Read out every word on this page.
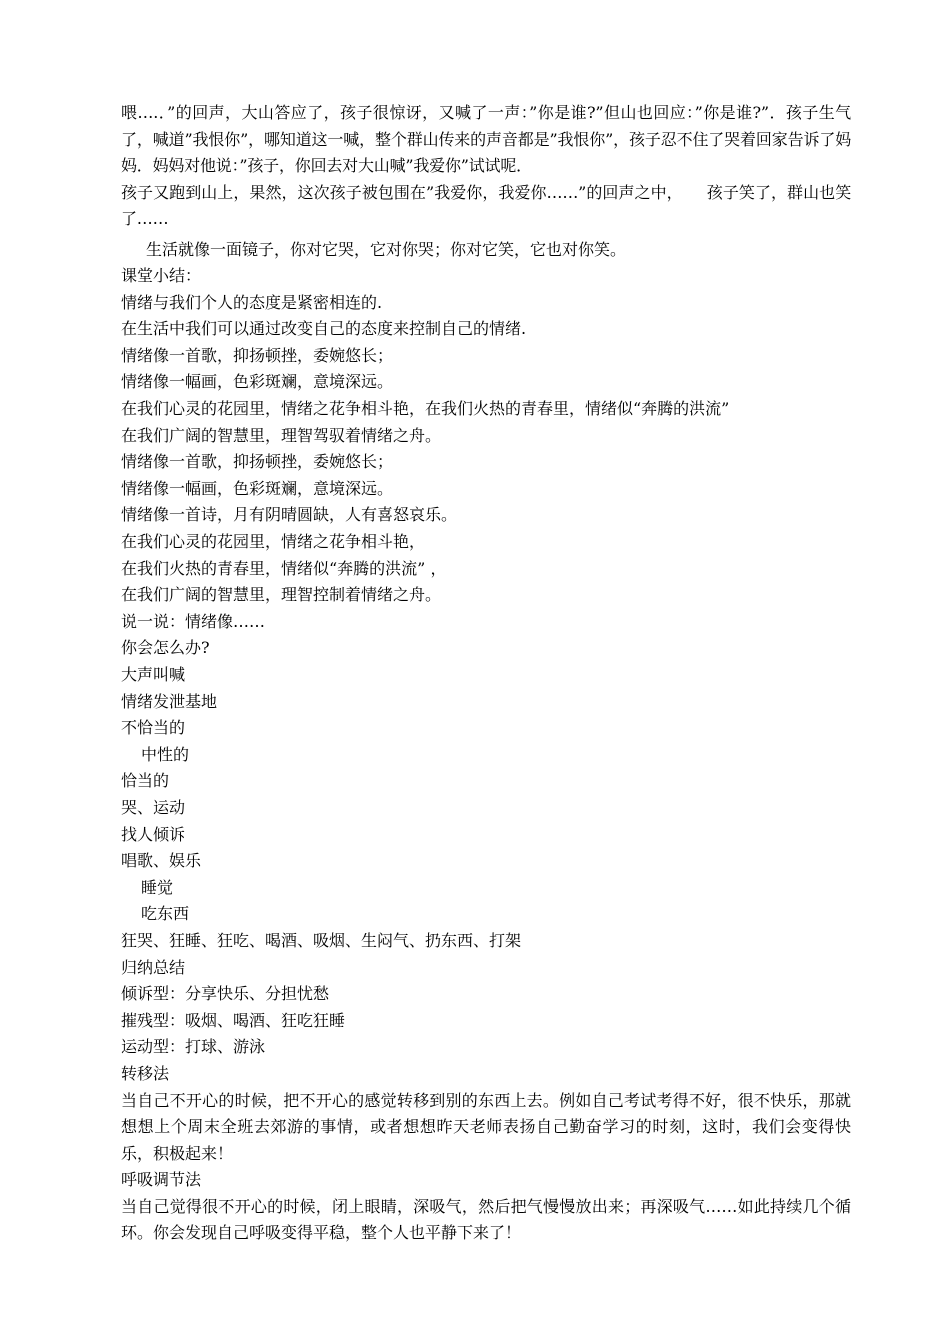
喂….．”的回声，大山答应了，孩子很惊讶，又喊了一声：”你是谁?”但山也回应：”你是谁?”．孩子生气了，喊道”我恨你”，哪知道这一喊，整个群山传来的声音都是”我恨你”，孩子忍不住了哭着回家告诉了妈妈．妈妈对他说：”孩子，你回去对大山喊”我爱你”试试呢．

孩子又跑到山上，果然，这次孩子被包围在”我爱你，我爱你……”的回声之中，　　孩子笑了，群山也笑了……

生活就像一面镜子，你对它哭，它对你哭；你对它笑，它也对你笑。
课堂小结：
情绪与我们个人的态度是紧密相连的.
在生活中我们可以通过改变自己的态度来控制自己的情绪.
情绪像一首歌，抑扬顿挫，委婉悠长；
情绪像一幅画，色彩斑斓，意境深远。
在我们心灵的花园里，情绪之花争相斗艳，在我们火热的青春里，情绪似“奔腾的洪流”
在我们广阔的智慧里，理智驾驭着情绪之舟。
情绪像一首歌，抑扬顿挫，委婉悠长；
情绪像一幅画，色彩斑斓，意境深远。
情绪像一首诗，月有阴晴圆缺，人有喜怒哀乐。
在我们心灵的花园里，情绪之花争相斗艳，
在我们火热的青春里，情绪似“奔腾的洪流” ，
在我们广阔的智慧里，理智控制着情绪之舟。
说一说：情绪像……
你会怎么办?
大声叫喊
情绪发泄基地
不恰当的
中性的
恰当的
哭、运动
找人倾诉
唱歌、娱乐
睡觉
吃东西
狂哭、狂睡、狂吃、喝酒、吸烟、生闷气、扔东西、打架
归纳总结
倾诉型：分享快乐、分担忧愁
摧残型：吸烟、喝酒、狂吃狂睡
运动型：打球、游泳
转移法
当自己不开心的时候，把不开心的感觉转移到别的东西上去。例如自己考试考得不好，很不快乐，那就想想上个周末全班去郊游的事情，或者想想昨天老师表扬自己勤奋学习的时刻，这时，我们会变得快乐，积极起来！
呼吸调节法
当自己觉得很不开心的时候，闭上眼睛，深吸气，然后把气慢慢放出来；再深吸气……如此持续几个循环。你会发现自己呼吸变得平稳，整个人也平静下来了！
